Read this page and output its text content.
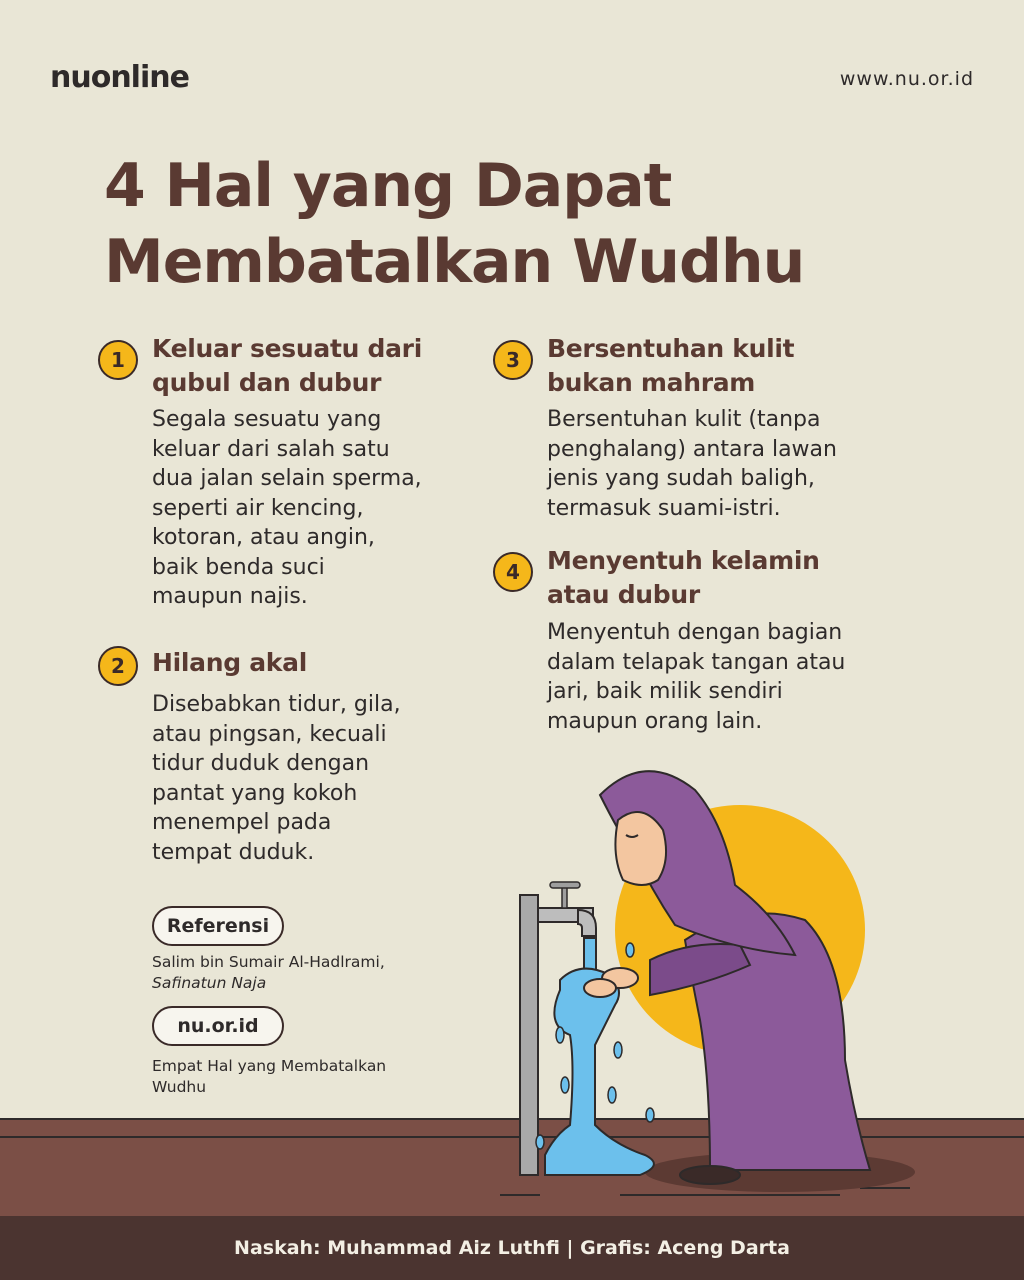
nuonline	www.nu.or.id
4 Hal yang Dapat
Membatalkan Wudhu
1	Keluar sesuatu dari
qubul dan dubur
Segala sesuatu yang
keluar dari salah satu
dua jalan selain sperma,
seperti air kencing,
kotoran, atau angin,
baik benda suci
maupun najis.
2	Hilang akal
Disebabkan tidur, gila,
atau pingsan, kecuali
tidur duduk dengan
pantat yang kokoh
menempel pada
tempat duduk.
3	Bersentuhan kulit
bukan mahram
Bersentuhan kulit (tanpa
penghalang) antara lawan
jenis yang sudah baligh,
termasuk suami-istri.
4	Menyentuh kelamin
atau dubur
Menyentuh dengan bagian
dalam telapak tangan atau
jari, baik milik sendiri
maupun orang lain.
Referensi
Salim bin Sumair Al-Hadlrami,
Safinatun Naja
nu.or.id
Empat Hal yang Membatalkan
Wudhu
Naskah: Muhammad Aiz Luthfi | Grafis: Aceng Darta
